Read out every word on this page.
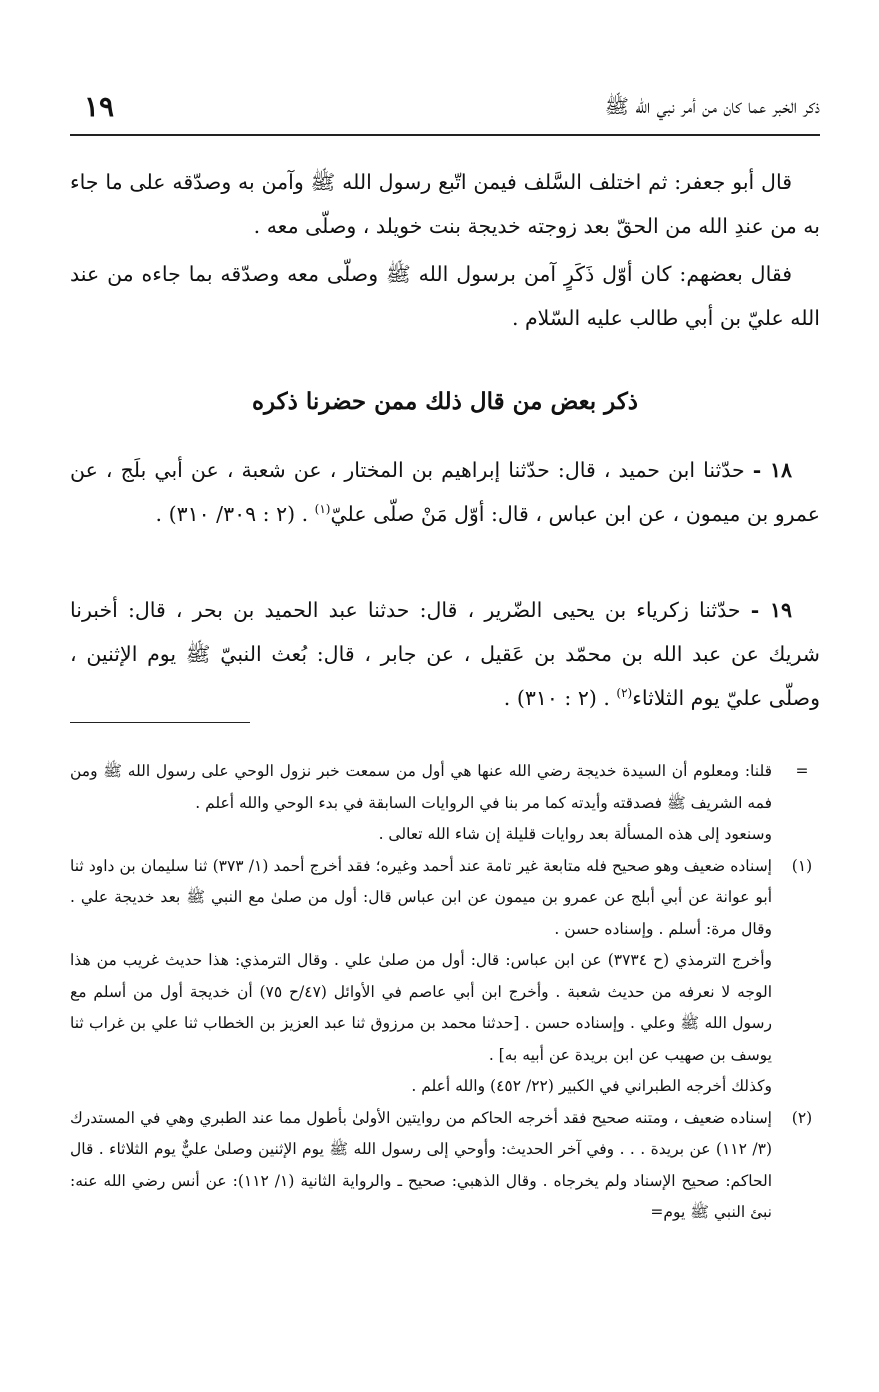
ذكر الخبر عما كان من أمر نبي الله ﷺ
١٩

قال أبو جعفر: ثم اختلف السَّلف فيمن اتّبع رسول الله ﷺ وآمن به وصدّقه على ما جاء به من عندِ الله من الحقّ بعد زوجته خديجة بنت خويلد ، وصلّى معه .

فقال بعضهم: كان أوّل ذَكَرٍ آمن برسول الله ﷺ وصلّى معه وصدّقه بما جاءه من عند الله عليّ بن أبي طالب عليه السّلام .

ذكر بعض من قال ذلك ممن حضرنا ذكره

١٨ - حدّثنا ابن حميد ، قال: حدّثنا إبراهيم بن المختار ، عن شعبة ، عن أبي بلَج ، عن عمرو بن ميمون ، عن ابن عباس ، قال: أوّل مَنْ صلّى عليّ$^{(١)}$ . (٢ : ٣٠٩/ ٣١٠) .

١٩ - حدّثنا زكرياء بن يحيى الضّرير ، قال: حدثنا عبد الحميد بن بحر ، قال: أخبرنا شريك عن عبد الله بن محمّد بن عَقيل ، عن جابر ، قال: بُعث النبيّ ﷺ يوم الإثنين ، وصلّى عليّ يوم الثلاثاء$^{(٢)}$ . (٢ : ٣١٠) .

=

قلنا: ومعلوم أن السيدة خديجة رضي الله عنها هي أول من سمعت خبر نزول الوحي على رسول الله ﷺ ومن فمه الشريف ﷺ فصدقته وأيدته كما مر بنا في الروايات السابقة في بدء الوحي والله أعلم .

وسنعود إلى هذه المسألة بعد روايات قليلة إن شاء الله تعالى .

(١)

إسناده ضعيف وهو صحيح فله متابعة غير تامة عند أحمد وغيره؛ فقد أخرج أحمد (١/ ٣٧٣) ثنا سليمان بن داود ثنا أبو عوانة عن أبي أبلج عن عمرو بن ميمون عن ابن عباس قال: أول من صلىٰ مع النبي ﷺ بعد خديجة علي . وقال مرة: أسلم . وإسناده حسن .

وأخرج الترمذي (ح ٣٧٣٤) عن ابن عباس: قال: أول من صلىٰ علي . وقال الترمذي: هذا حديث غريب من هذا الوجه لا نعرفه من حديث شعبة . وأخرج ابن أبي عاصم في الأوائل (٤٧/ح ٧٥) أن خديجة أول من أسلم مع رسول الله ﷺ وعلي . وإسناده حسن . [حدثنا محمد بن مرزوق ثنا عبد العزيز بن الخطاب ثنا علي بن غراب ثنا يوسف بن صهيب عن ابن بريدة عن أبيه به] .

وكذلك أخرجه الطبراني في الكبير (٢٢/ ٤٥٢) والله أعلم .

(٢)

إسناده ضعيف ، ومتنه صحيح فقد أخرجه الحاكم من روايتين الأولىٰ بأطول مما عند الطبري وهي في المستدرك (٣/ ١١٢) عن بريدة . . . وفي آخر الحديث: وأوحي إلى رسول الله ﷺ يوم الإثنين وصلىٰ عليٌّ يوم الثلاثاء . قال الحاكم: صحيح الإسناد ولم يخرجاه . وقال الذهبي: صحيح ـ والرواية الثانية (١/ ١١٢): عن أنس رضي الله عنه: نبئ النبي ﷺ يوم=
